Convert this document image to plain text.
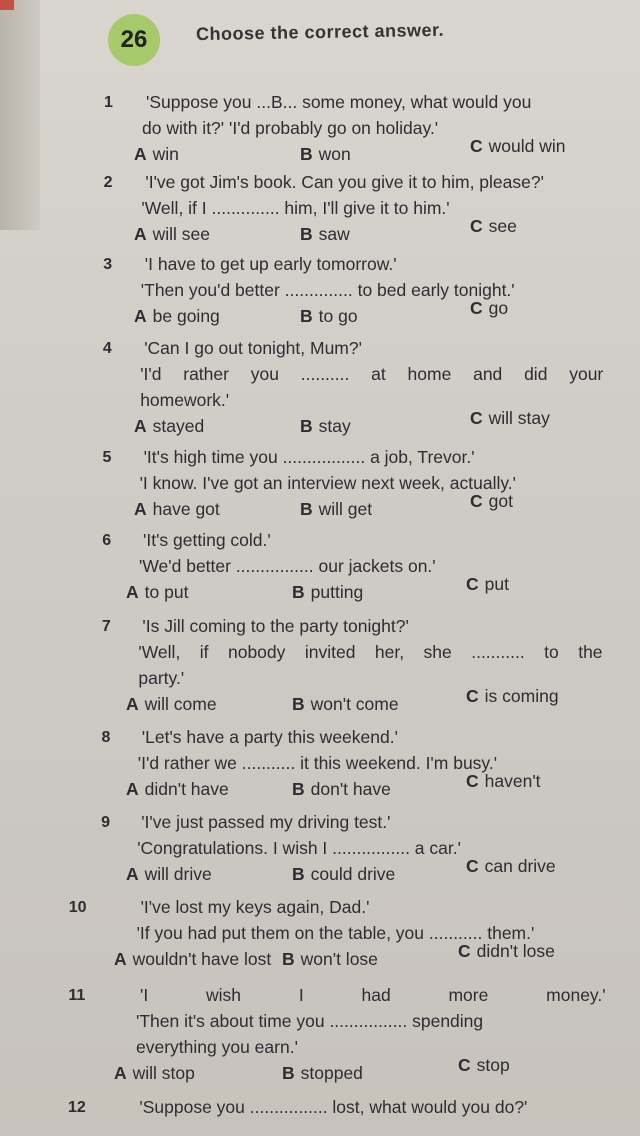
26	Choose the correct answer.
1 'Suppose you ...B... some money, what would you
do with it?' 'I'd probably go on holiday.'
A win	B won	C would win
2 'I've got Jim's book. Can you give it to him, please?'
'Well, if I .............. him, I'll give it to him.'
A will see	B saw	C see
3 'I have to get up early tomorrow.'
'Then you'd better .............. to bed early tonight.'
A be going	B to go	C go
4 'Can I go out tonight, Mum?'
'I'd rather you .......... at home and did your
homework.'
A stayed	B stay	C will stay
5 'It's high time you ................. a job, Trevor.'
'I know. I've got an interview next week, actually.'
A have got	B will get	C got
6 'It's getting cold.'
'We'd better ................ our jackets on.'
A to put	B putting	C put
7 'Is Jill coming to the party tonight?'
'Well, if nobody invited her, she ........... to the
party.'
A will come	B won't come	C is coming
8 'Let's have a party this weekend.'
'I'd rather we ........... it this weekend. I'm busy.'
A didn't have	B don't have	C haven't
9 'I've just passed my driving test.'
'Congratulations. I wish I ................ a car.'
A will drive	B could drive	C can drive
10	'I've lost my keys again, Dad.'
'If you had put them on the table, you ........... them.'
A wouldn't have lost B won't lose	C didn't lose
11	'I wish I had more money.'
'Then it's about time you ................ spending
everything you earn.'
A will stop	B stopped	C stop
12	'Suppose you ................ lost, what would you do?'
